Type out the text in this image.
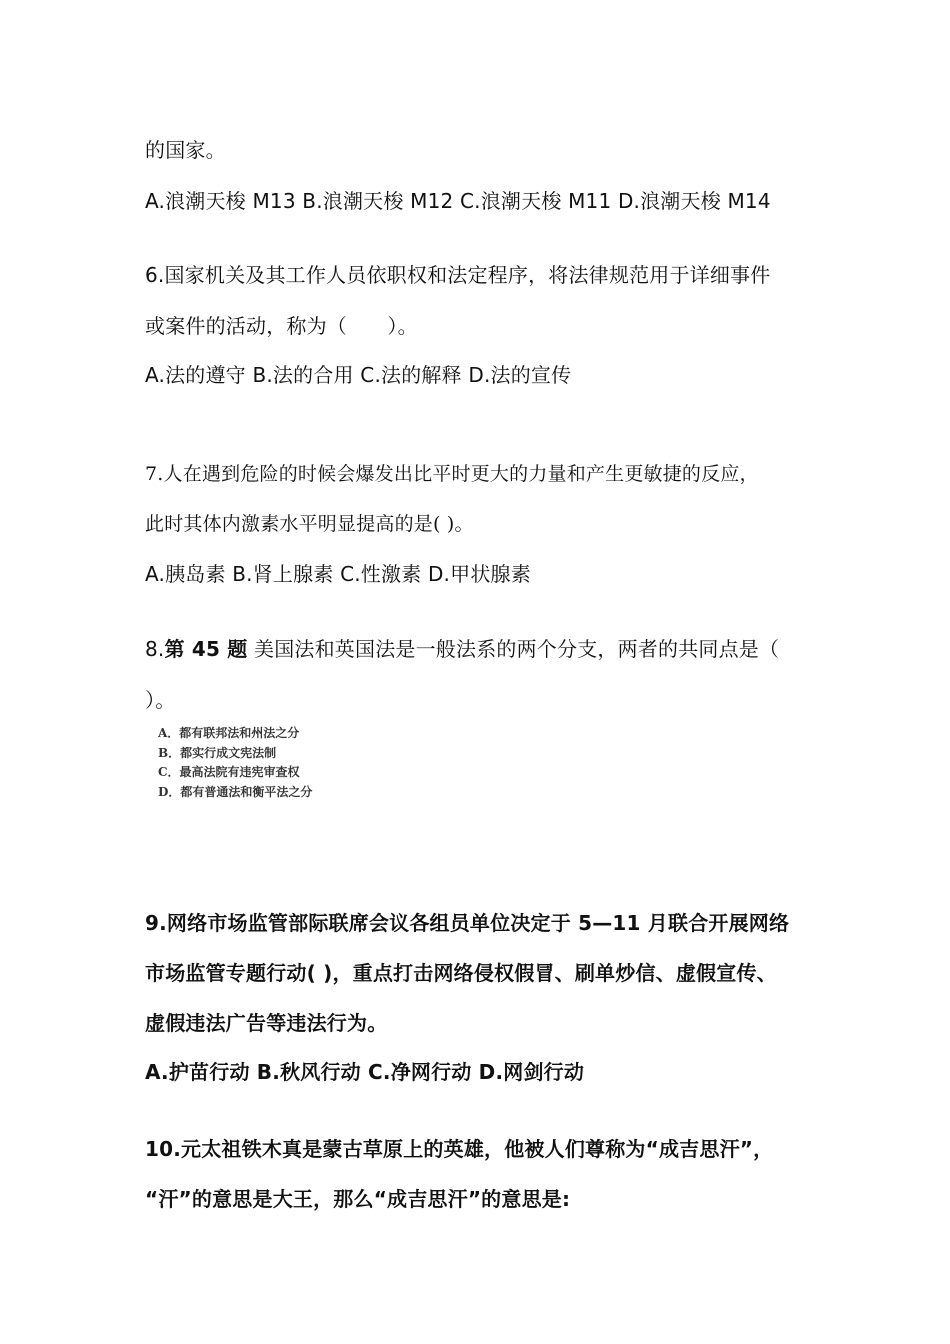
的国家。
A.浪潮天梭 M13 B.浪潮天梭 M12 C.浪潮天梭 M11 D.浪潮天梭 M14
6.国家机关及其工作人员依职权和法定程序，将法律规范用于详细事件
或案件的活动，称为（　　）。
A.法的遵守 B.法的合用 C.法的解释 D.法的宣传
7.人在遇到危险的时候会爆发出比平时更大的力量和产生更敏捷的反应，
此时其体内激素水平明显提高的是( )。
A.胰岛素 B.肾上腺素 C.性激素 D.甲状腺素
8.第 45 题 美国法和英国法是一般法系的两个分支，两者的共同点是（
）。
A．都有联邦法和州法之分
B．都实行成文宪法制
C．最高法院有违宪审查权
D．都有普通法和衡平法之分
9.网络市场监管部际联席会议各组员单位决定于 5—11 月联合开展网络
市场监管专题行动( )，重点打击网络侵权假冒、刷单炒信、虚假宣传、
虚假违法广告等违法行为。
A.护苗行动 B.秋风行动 C.净网行动 D.网剑行动
10.元太祖铁木真是蒙古草原上的英雄，他被人们尊称为“成吉思汗”，
“汗”的意思是大王，那么“成吉思汗”的意思是:
